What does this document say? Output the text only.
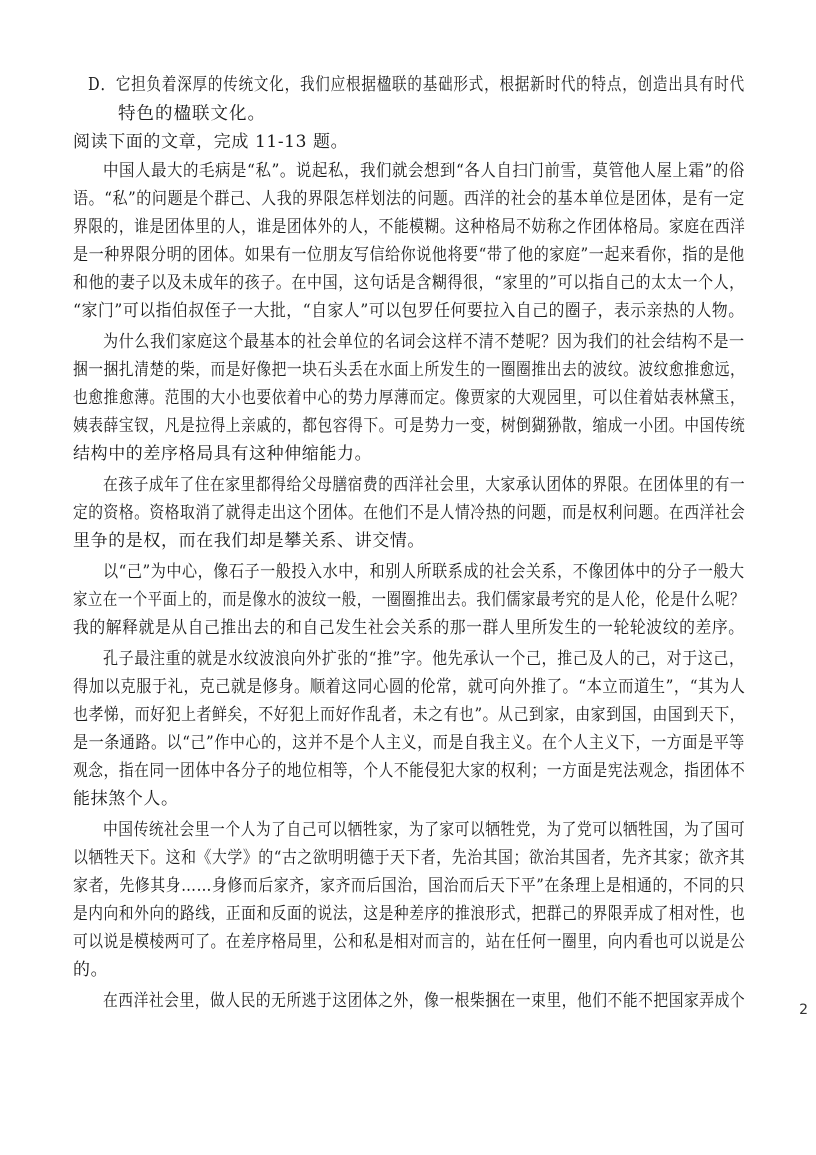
D．它担负着深厚的传统文化，我们应根据楹联的基础形式，根据新时代的特点，创造出具有时代
特色的楹联文化。
阅读下面的文章，完成 11-13 题。
中国人最大的毛病是“私”。说起私，我们就会想到“各人自扫门前雪，莫管他人屋上霜”的俗
语。“私”的问题是个群己、人我的界限怎样划法的问题。西洋的社会的基本单位是团体，是有一定
界限的，谁是团体里的人，谁是团体外的人，不能模糊。这种格局不妨称之作团体格局。家庭在西洋
是一种界限分明的团体。如果有一位朋友写信给你说他将要“带了他的家庭”一起来看你，指的是他
和他的妻子以及未成年的孩子。在中国，这句话是含糊得很，“家里的”可以指自己的太太一个人，
“家门”可以指伯叔侄子一大批，“自家人”可以包罗任何要拉入自己的圈子，表示亲热的人物。
为什么我们家庭这个最基本的社会单位的名词会这样不清不楚呢？因为我们的社会结构不是一
捆一捆扎清楚的柴，而是好像把一块石头丢在水面上所发生的一圈圈推出去的波纹。波纹愈推愈远，
也愈推愈薄。范围的大小也要依着中心的势力厚薄而定。像贾家的大观园里，可以住着姑表林黛玉，
姨表薛宝钗，凡是拉得上亲戚的，都包容得下。可是势力一变，树倒猢狲散，缩成一小团。中国传统
结构中的差序格局具有这种伸缩能力。
在孩子成年了住在家里都得给父母膳宿费的西洋社会里，大家承认团体的界限。在团体里的有一
定的资格。资格取消了就得走出这个团体。在他们不是人情冷热的问题，而是权利问题。在西洋社会
里争的是权，而在我们却是攀关系、讲交情。
以“己”为中心，像石子一般投入水中，和别人所联系成的社会关系，不像团体中的分子一般大
家立在一个平面上的，而是像水的波纹一般，一圈圈推出去。我们儒家最考究的是人伦，伦是什么呢？
我的解释就是从自己推出去的和自己发生社会关系的那一群人里所发生的一轮轮波纹的差序。
孔子最注重的就是水纹波浪向外扩张的“推”字。他先承认一个己，推己及人的己，对于这己，
得加以克服于礼，克己就是修身。顺着这同心圆的伦常，就可向外推了。“本立而道生”，“其为人
也孝悌，而好犯上者鲜矣，不好犯上而好作乱者，未之有也”。从己到家，由家到国，由国到天下，
是一条通路。以“己”作中心的，这并不是个人主义，而是自我主义。在个人主义下，一方面是平等
观念，指在同一团体中各分子的地位相等，个人不能侵犯大家的权利；一方面是宪法观念，指团体不
能抹煞个人。
中国传统社会里一个人为了自己可以牺牲家，为了家可以牺牲党，为了党可以牺牲国，为了国可
以牺牲天下。这和《大学》的“古之欲明明德于天下者，先治其国；欲治其国者，先齐其家；欲齐其
家者，先修其身……身修而后家齐，家齐而后国治，国治而后天下平”在条理上是相通的，不同的只
是内向和外向的路线，正面和反面的说法，这是种差序的推浪形式，把群己的界限弄成了相对性，也
可以说是模棱两可了。在差序格局里，公和私是相对而言的，站在任何一圈里，向内看也可以说是公
的。
在西洋社会里，做人民的无所逃于这团体之外，像一根柴捆在一束里，他们不能不把国家弄成个	2
